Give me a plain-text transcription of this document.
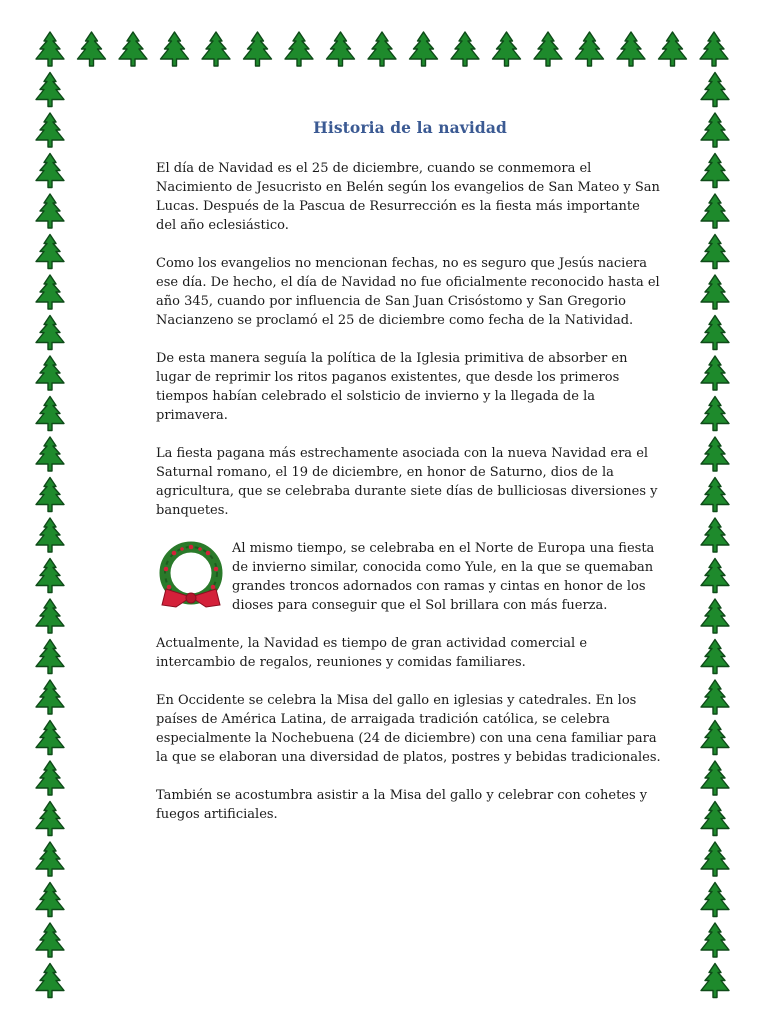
Historia de la navidad

El día de Navidad es el 25 de diciembre, cuando se conmemora el Nacimiento de Jesucristo en Belén según los evangelios de San Mateo y San Lucas. Después de la Pascua de Resurrección es la fiesta más importante del año eclesiástico.

Como los evangelios no mencionan fechas, no es seguro que Jesús naciera ese día. De hecho, el día de Navidad no fue oficialmente reconocido hasta el año 345, cuando por influencia de San Juan Crisóstomo y San Gregorio Nacianzeno se proclamó el 25 de diciembre como fecha de la Natividad.

De esta manera seguía la política de la Iglesia primitiva de absorber en lugar de reprimir los ritos paganos existentes, que desde los primeros tiempos habían celebrado el solsticio de invierno y la llegada de la primavera.

La fiesta pagana más estrechamente asociada con la nueva Navidad era el Saturnal romano, el 19 de diciembre, en honor de Saturno, dios de la agricultura, que se celebraba durante siete días de bulliciosas diversiones y banquetes.

Al mismo tiempo, se celebraba en el Norte de Europa una fiesta de invierno similar, conocida como Yule, en la que se quemaban grandes troncos adornados con ramas y cintas en honor de los dioses para conseguir que el Sol brillara con más fuerza.

Actualmente, la Navidad es tiempo de gran actividad comercial e intercambio de regalos, reuniones y comidas familiares.

En Occidente se celebra la Misa del gallo en iglesias y catedrales. En los países de América Latina, de arraigada tradición católica, se celebra especialmente la Nochebuena (24 de diciembre) con una cena familiar para la que se elaboran una diversidad de platos, postres y bebidas tradicionales.

También se acostumbra asistir a la Misa del gallo y celebrar con cohetes y fuegos artificiales.
